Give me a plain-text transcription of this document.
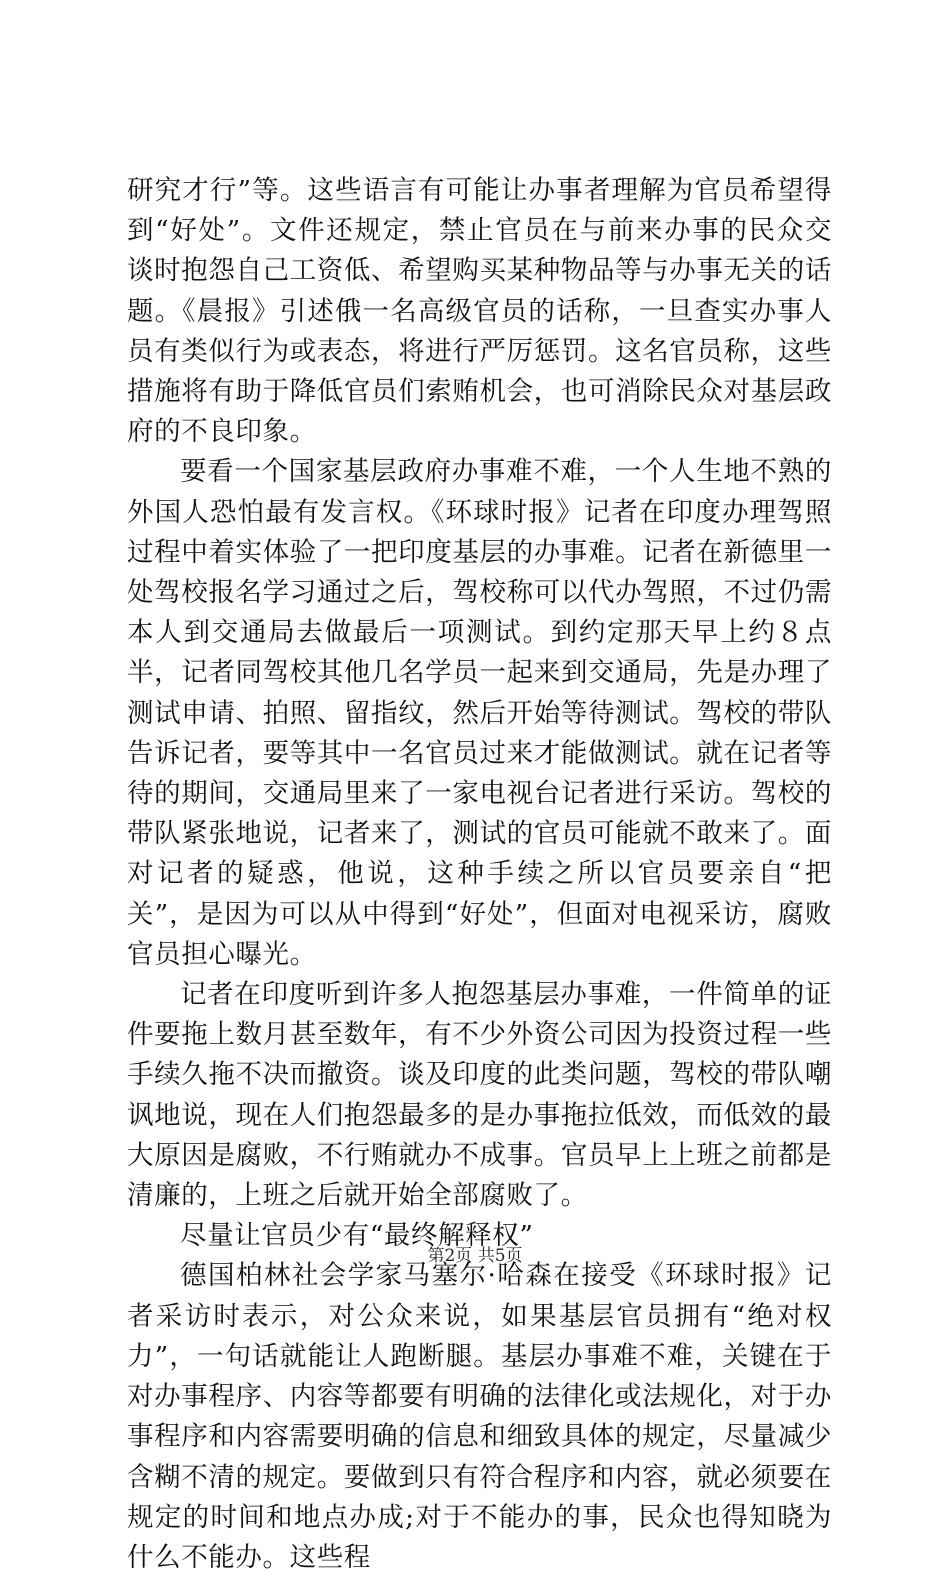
研究才行”等。这些语言有可能让办事者理解为官员希望得到“好处”。文件还规定，禁止官员在与前来办事的民众交谈时抱怨自己工资低、希望购买某种物品等与办事无关的话题。《晨报》引述俄一名高级官员的话称，一旦查实办事人员有类似行为或表态，将进行严厉惩罚。这名官员称，这些措施将有助于降低官员们索贿机会，也可消除民众对基层政府的不良印象。

要看一个国家基层政府办事难不难，一个人生地不熟的外国人恐怕最有发言权。《环球时报》记者在印度办理驾照过程中着实体验了一把印度基层的办事难。记者在新德里一处驾校报名学习通过之后，驾校称可以代办驾照，不过仍需本人到交通局去做最后一项测试。到约定那天早上约８点半，记者同驾校其他几名学员一起来到交通局，先是办理了测试申请、拍照、留指纹，然后开始等待测试。驾校的带队告诉记者，要等其中一名官员过来才能做测试。就在记者等待的期间，交通局里来了一家电视台记者进行采访。驾校的带队紧张地说，记者来了，测试的官员可能就不敢来了。面对记者的疑惑，他说，这种手续之所以官员要亲自“把关”，是因为可以从中得到“好处”，但面对电视采访，腐败官员担心曝光。

记者在印度听到许多人抱怨基层办事难，一件简单的证件要拖上数月甚至数年，有不少外资公司因为投资过程一些手续久拖不决而撤资。谈及印度的此类问题，驾校的带队嘲讽地说，现在人们抱怨最多的是办事拖拉低效，而低效的最大原因是腐败，不行贿就办不成事。官员早上上班之前都是清廉的，上班之后就开始全部腐败了。

尽量让官员少有“最终解释权”

德国柏林社会学家马塞尔·哈森在接受《环球时报》记者采访时表示，对公众来说，如果基层官员拥有“绝对权力”，一句话就能让人跑断腿。基层办事难不难，关键在于对办事程序、内容等都要有明确的法律化或法规化，对于办事程序和内容需要明确的信息和细致具体的规定，尽量减少含糊不清的规定。要做到只有符合程序和内容，就必须要在规定的时间和地点办成;对于不能办的事，民众也得知晓为什么不能办。这些程

第2页 共5页
